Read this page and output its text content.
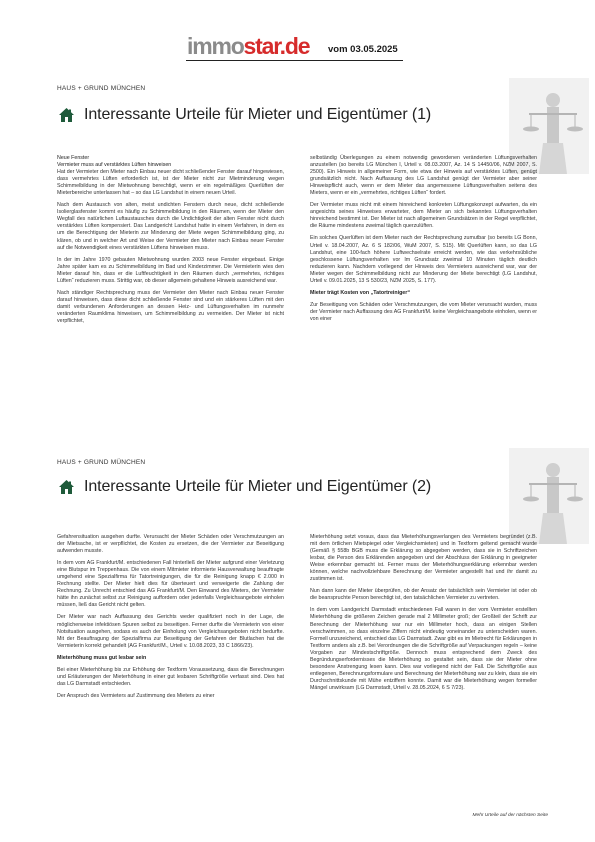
immostar.de vom 03.05.2025
HAUS + GRUND MÜNCHEN
Interessante Urteile für Mieter und Eigentümer (1)

Neue Fenster

Vermieter muss auf verstärktes Lüften hinweisen

Hat der Vermieter den Mieter nach Einbau neuer dicht schließender Fenster darauf hingewiesen, dass vermehrtes Lüften erforderlich ist, ist der Mieter nicht zur Mietminderung wegen Schimmelbildung in der Mietwohnung berechtigt, wenn er ein regelmäßiges Querlüften der Mieterbereiche unterlassen hat – so das LG Landshut in einem neuen Urteil.

Nach dem Austausch von alten, meist undichten Fenstern durch neue, dicht schließende Isolierglasfenster kommt es häufig zu Schimmelbildung in den Räumen, wenn der Mieter den Wegfall des natürlichen Luftaustausches durch die Undichtigkeit der alten Fenster nicht durch verstärktes Lüften kompensiert. Das Landgericht Landshut hatte in einem Verfahren, in dem es um die Berechtigung der Mieterin zur Minderung der Miete wegen Schimmelbildung ging, zu klären, ob und in welcher Art und Weise der Vermieter den Mieter nach Einbau neuer Fenster auf die Notwendigkeit eines verstärkten Lüftens hinweisen muss.

In der im Jahre 1970 gebauten Mietwohnung wurden 2003 neue Fenster eingebaut. Einige Jahre später kam es zu Schimmelbildung im Bad und Kinderzimmer. Die Vermieterin wies den Mieter darauf hin, dass er die Luftfeuchtigkeit in den Räumen durch „vermehrtes, richtiges Lüften“ reduzieren muss. Strittig war, ob dieser allgemein gehaltene Hinweis ausreichend war.

Nach ständiger Rechtsprechung muss der Vermieter den Mieter nach Einbau neuer Fenster darauf hinweisen, dass diese dicht schließende Fenster sind und ein stärkeres Lüften mit den damit verbundenen Anforderungen an dessen Heiz- und Lüftungsverhalten im nunmehr veränderten Raumklima hinweisen, um Schimmelbildung zu vermeiden. Der Mieter ist nicht verpflichtet,

selbständig Überlegungen zu einem notwendig gewordenen veränderten Lüftungsverhalten anzustellen (so bereits LG München I, Urteil v. 08.03.2007, Az. 14 S 14450/06, NZM 2007, S. 2500). Ein Hinweis in allgemeiner Form, wie etwa der Hinweis auf verstärktes Lüften, genügt grundsätzlich nicht. Nach Auffassung des LG Landshut genügt der Vermieter aber seiner Hinweispflicht auch, wenn er dem Mieter das angemessene Lüftungsverhalten seitens des Mieters, wenn er ein „vermehrtes, richtiges Lüften“ fordert.

Der Vermieter muss nicht mit einem hinreichend konkreten Lüftungskonzept aufwarten, da ein angesichts seines Hinweises erwarteter, dem Mieter an sich bekanntes Lüftungsverhalten hinreichend bestimmt ist. Der Mieter ist nach allgemeinen Grundsätzen in der Regel verpflichtet, die Räume mindestens zweimal täglich querzulüften.

Ein solches Querlüften ist dem Mieter nach der Rechtsprechung zumutbar (so bereits LG Bonn, Urteil v. 18.04.2007, Az. 6 S 182/06, WuM 2007, S. 515). Mit Querlüften kann, so das LG Landshut, eine 100-fach höhere Luftwechselrate erreicht werden, wie das verkehrsübliche geschlossene Lüftungsverhalten vor Im Grundsatz zweimal 10 Minuten täglich deutlich reduzieren kann. Nachdem vorliegend der Hinweis des Vermieters ausreichend war, war der Mieter wegen der Schimmelbildung nicht zur Minderung der Miete berechtigt (LG Landshut, Urteil v. 09.01.2025, 13 S 530/23, NZM 2025, S. 177).

Mieter trägt Kosten von „Tatortreiniger“

Zur Beseitigung von Schäden oder Verschmutzungen, die vom Mieter verursacht wurden, muss der Vermieter nach Auffassung des AG Frankfurt/M. keine Vergleichsangebote einholen, wenn er von einer

HAUS + GRUND MÜNCHEN
Interessante Urteile für Mieter und Eigentümer (2)

Gefahrensituation ausgehen durfte. Verursacht der Mieter Schäden oder Verschmutzungen an der Mietsache, ist er verpflichtet, die Kosten zu ersetzen, die der Vermieter zur Beseitigung aufwenden musste.

In dem vom AG Frankfurt/M. entschiedenen Fall hinterließ der Mieter aufgrund einer Verletzung eine Blutspur im Treppenhaus. Die von einem Mitmieter informierte Hausverwaltung beauftragte umgehend eine Spezialfirma für Tatortreinigungen, die für die Reinigung knapp € 2.000 in Rechnung stellte. Der Mieter hielt dies für überteuert und verweigerte die Zahlung der Rechnung. Zu Unrecht entschied das AG Frankfurt/M. Den Einwand des Mieters, der Vermieter hätte ihn zunächst selbst zur Reinigung auffordern oder jedenfalls Vergleichsangebote einholen müssen, ließ das Gericht nicht gelten.

Der Mieter war nach Auffassung des Gerichts weder qualifiziert noch in der Lage, die möglicherweise infektiösen Spuren selbst zu beseitigen. Ferner durfte die Vermieterin von einer Notsituation ausgehen, sodass es auch der Einholung von Vergleichsangeboten nicht bedurfte. Mit der Beauftragung der Spezialfirma zur Beseitigung der Gefahren der Blutlachen hat die Vermieterin korrekt gehandelt (AG Frankfurt/M., Urteil v. 10.08.2023, 33 C 1866/23).

Mieterhöhung muss gut lesbar sein

Bei einer Mieterhöhung bis zur Erhöhung der Textform Voraussetzung, dass die Berechnungen und Erläuterungen der Mieterhöhung in einer gut lesbaren Schriftgröße verfasst sind. Dies hat das LG Darmstadt entschieden.

Der Anspruch des Vermieters auf Zustimmung des Mieters zu einer

Mieterhöhung setzt voraus, dass das Mieterhöhungsverlangen des Vermieters begründet (z.B. mit dem örtlichen Mietspiegel oder Vergleichsmieten) und in Textform geltend gemacht wurde (Gemäß § 558b BGB muss die Erklärung so abgegeben werden, dass sie in Schriftzeichen lesbar, die Person des Erklärenden angegeben und der Abschluss der Erklärung in geeigneter Weise erkennbar gemacht ist. Ferner muss der Mieterhöhungserklärung erkennbar werden können, welche nachvollziehbare Berechnung der Vermieter angestellt hat und ihr damit zu zustimmen ist.

Nun dann kann der Mieter überprüfen, ob der Ansatz der tatsächlich sein Vermieter ist oder ob die beanspruchte Person berechtigt ist, den tatsächlichen Vermieter zu vertreten.

In dem vom Landgericht Darmstadt entschiedenen Fall waren in der vom Vermieter erstellten Mieterhöhung die größeren Zeichen gerade mal 2 Millimeter groß; der Großteil der Schrift zur Berechnung der Mieterhöhung war nur ein Millimeter hoch, dass an einigen Stellen verschwimmen, so dass einzelne Ziffern nicht eindeutig voneinander zu unterscheiden waren. Formell unzureichend, entschied das LG Darmstadt. Zwar gibt es im Mietrecht für Erklärungen in Textform anders als z.B. bei Verordnungen die die Schriftgröße auf Verpackungen regeln – keine Vorgaben zur Mindestschriftgröße. Dennoch muss entsprechend dem Zweck des Begründungserfordernisses die Mieterhöhung so gestaltet sein, dass sie der Mieter ohne besondere Anstrengung lesen kann. Dies war vorliegend nicht der Fall. Die Schriftgröße aus entlegenen, Berechnungsformulare und Berechnung der Mieterhöhung war zu klein, dass sie ein Durchschnittskunde mit Mühe entziffern konnte. Damit war die Mieterhöhung wegen formeller Mängel unwirksam (LG Darmstadt, Urteil v. 28.05.2024, 6 S 7/23).

Mehr Urteile auf der nächsten Seite
